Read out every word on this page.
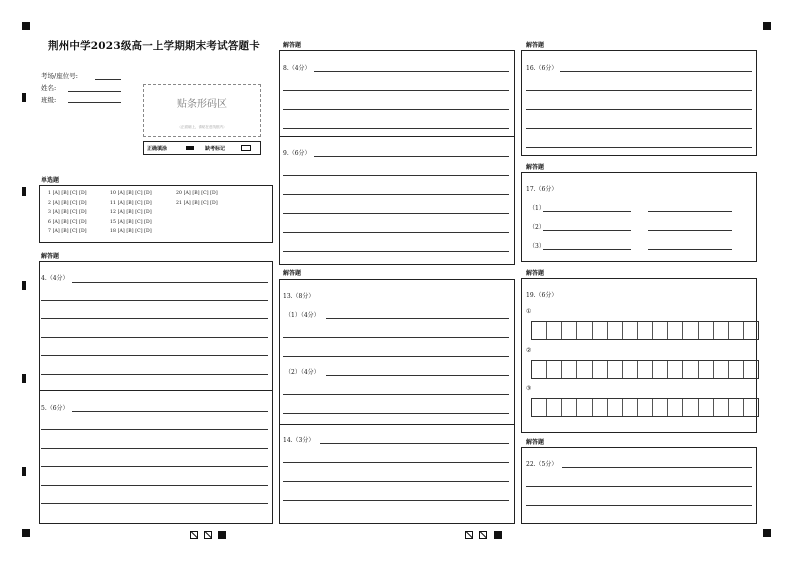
荆州中学2023级高一上学期期末考试答题卡
考场/座位号:
姓名:
班级:	贴条形码区
（正面朝上，请贴在虚线框内）
正确填涂	缺考标记
单选题
1 [A] [B] [C] [D]
2 [A] [B] [C] [D]
3 [A] [B] [C] [D]
6 [A] [B] [C] [D]
7 [A] [B] [C] [D]
10 [A] [B] [C] [D]
11 [A] [B] [C] [D]
12 [A] [B] [C] [D]
15 [A] [B] [C] [D]
18 [A] [B] [C] [D]
20 [A] [B] [C] [D]
21 [A] [B] [C] [D]
解答题
4.（4分）
5.（6分）
解答题
8.（4分）
9.（6分）
解答题
13.（8分）
（1）（4分）
（2）（4分）
14.（3分）
解答题
16.（6分）
解答题
17.（6分）
（1）
（2）
（3）
解答题
19.（6分）
①
②
③
解答题
22.（5分）
